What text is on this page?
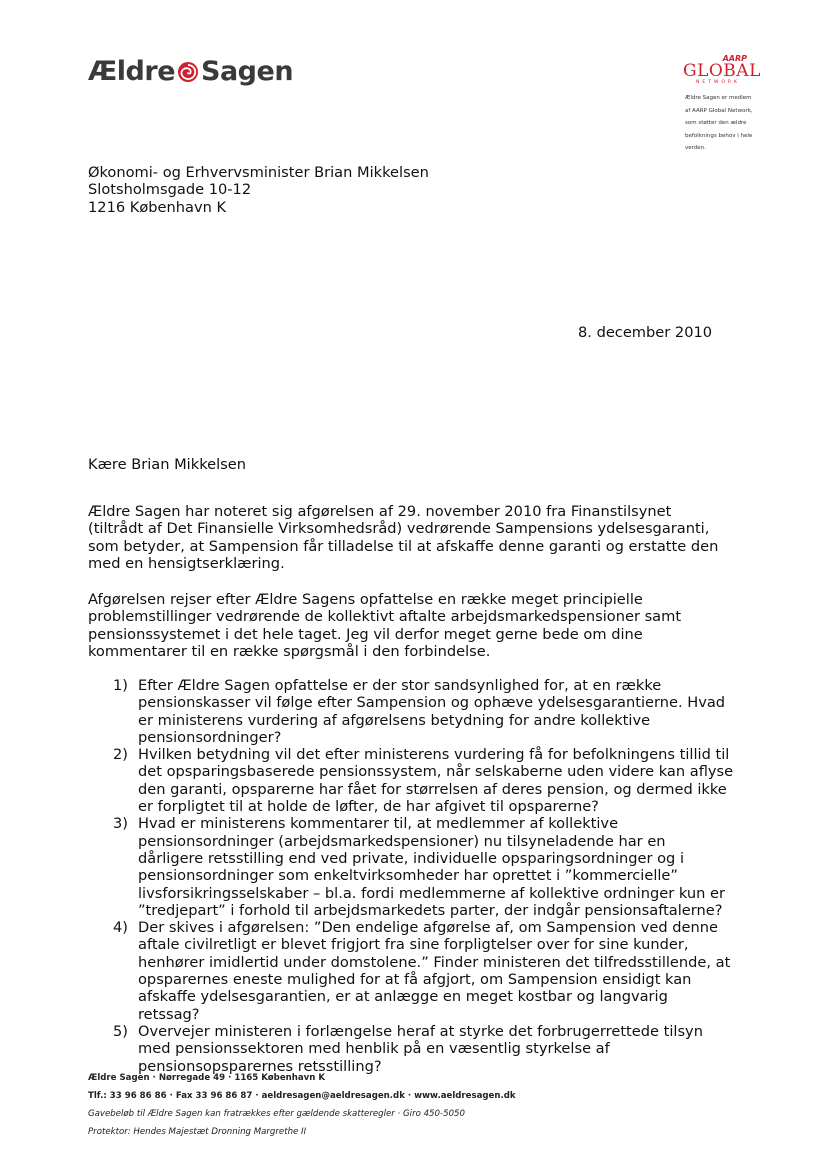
Ældre Sagen	AARP
GLOBAL
NETWORK
Ældre Sagen er medlem
af AARP Global Network,
som støtter den ældre
befolknings behov i hele
verden.
Økonomi- og Erhvervsminister Brian Mikkelsen
Slotsholmsgade 10-12
1216 København K
8. december 2010
Kære Brian Mikkelsen
Ældre Sagen har noteret sig afgørelsen af 29. november 2010 fra Finanstilsynet
(tiltrådt af Det Finansielle Virksomhedsråd) vedrørende Sampensions ydelsesgaranti,
som betyder, at Sampension får tilladelse til at afskaffe denne garanti og erstatte den
med en hensigtserklæring.
Afgørelsen rejser efter Ældre Sagens opfattelse en række meget principielle
problemstillinger vedrørende de kollektivt aftalte arbejdsmarkedspensioner samt
pensionssystemet i det hele taget. Jeg vil derfor meget gerne bede om dine
kommentarer til en række spørgsmål i den forbindelse.
1) Efter Ældre Sagen opfattelse er der stor sandsynlighed for, at en række
pensionskasser vil følge efter Sampension og ophæve ydelsesgarantierne. Hvad
er ministerens vurdering af afgørelsens betydning for andre kollektive
pensionsordninger?
2) Hvilken betydning vil det efter ministerens vurdering få for befolkningens tillid til
det opsparingsbaserede pensionssystem, når selskaberne uden videre kan aflyse
den garanti, opsparerne har fået for størrelsen af deres pension, og dermed ikke
er forpligtet til at holde de løfter, de har afgivet til opsparerne?
3) Hvad er ministerens kommentarer til, at medlemmer af kollektive
pensionsordninger (arbejdsmarkedspensioner) nu tilsyneladende har en
dårligere retsstilling end ved private, individuelle opsparingsordninger og i
pensionsordninger som enkeltvirksomheder har oprettet i ”kommercielle”
livsforsikringsselskaber – bl.a. fordi medlemmerne af kollektive ordninger kun er
”tredjepart” i forhold til arbejdsmarkedets parter, der indgår pensionsaftalerne?
4) Der skives i afgørelsen: ”Den endelige afgørelse af, om Sampension ved denne
aftale civilretligt er blevet frigjort fra sine forpligtelser over for sine kunder,
henhører imidlertid under domstolene.” Finder ministeren det tilfredsstillende, at
opsparernes eneste mulighed for at få afgjort, om Sampension ensidigt kan
afskaffe ydelsesgarantien, er at anlægge en meget kostbar og langvarig
retssag?
5) Overvejer ministeren i forlængelse heraf at styrke det forbrugerrettede tilsyn
med pensionssektoren med henblik på en væsentlig styrkelse af
pensionsopsparernes retsstilling?
Ældre Sagen · Nørregade 49 · 1165 København K
Tlf.: 33 96 86 86 · Fax 33 96 86 87 · aeldresagen@aeldresagen.dk · www.aeldresagen.dk
Gavebeløb til Ældre Sagen kan fratrækkes efter gældende skatteregler · Giro 450-5050
Protektor: Hendes Majestæt Dronning Margrethe II
